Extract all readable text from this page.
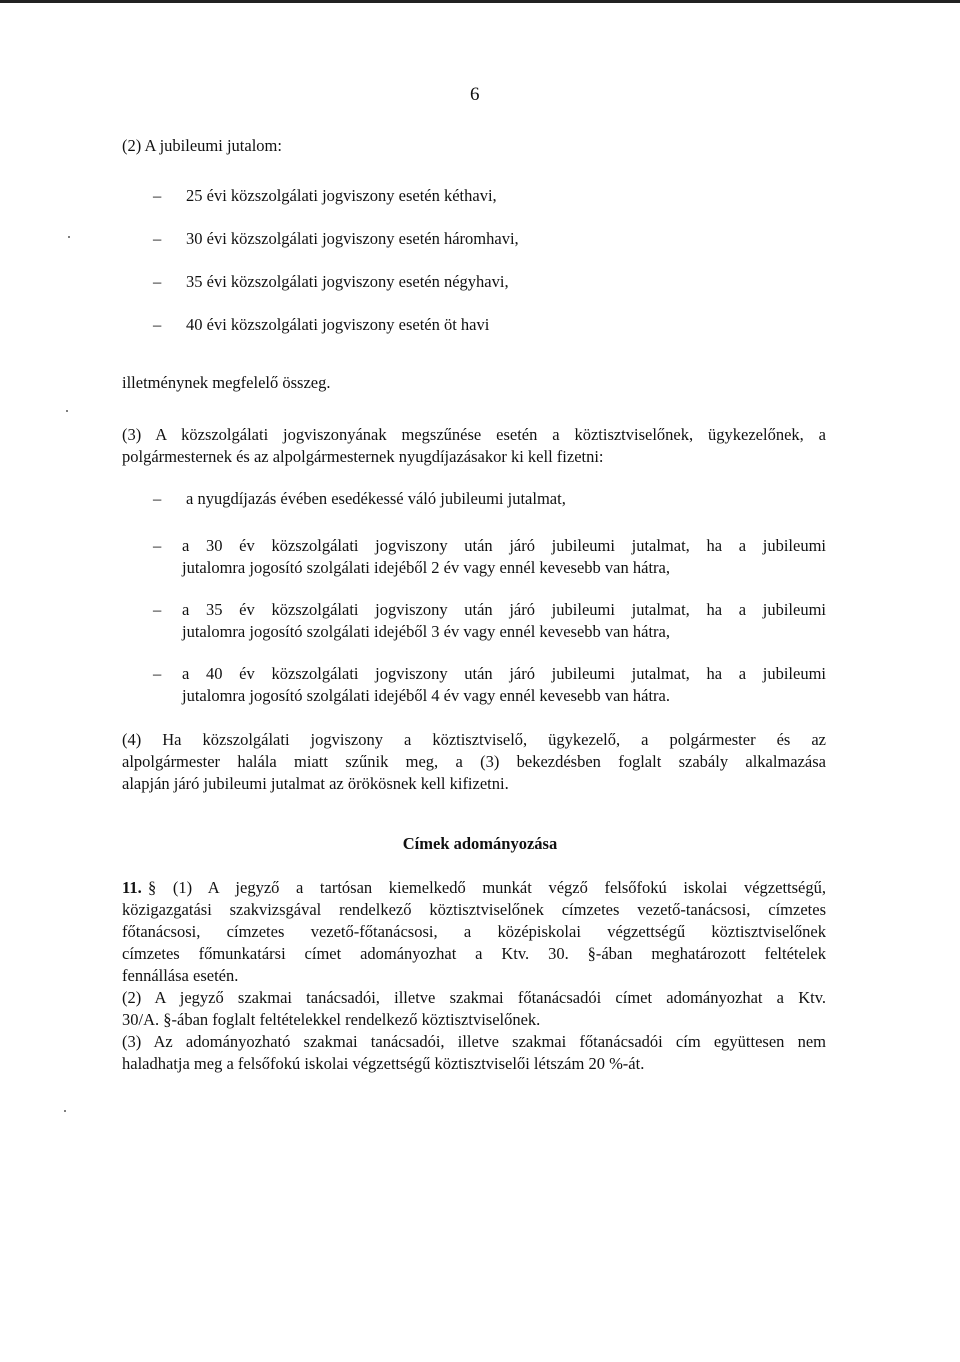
6
(2) A jubileumi jutalom:
– 25 évi közszolgálati jogviszony esetén kéthavi,
– 30 évi közszolgálati jogviszony esetén háromhavi,
– 35 évi közszolgálati jogviszony esetén négyhavi,
– 40 évi közszolgálati jogviszony esetén öt havi
illetménynek megfelelő összeg.
(3) A közszolgálati jogviszonyának megszűnése esetén a köztisztviselőnek, ügykezelőnek, a
polgármesternek és az alpolgármesternek nyugdíjazásakor ki kell fizetni:
– a nyugdíjazás évében esedékessé váló jubileumi jutalmat,
– a 30 év közszolgálati jogviszony után járó jubileumi jutalmat, ha a jubileumi
jutalomra jogosító szolgálati idejéből 2 év vagy ennél kevesebb van hátra,
– a 35 év közszolgálati jogviszony után járó jubileumi jutalmat, ha a jubileumi
jutalomra jogosító szolgálati idejéből 3 év vagy ennél kevesebb van hátra,
– a 40 év közszolgálati jogviszony után járó jubileumi jutalmat, ha a jubileumi
jutalomra jogosító szolgálati idejéből 4 év vagy ennél kevesebb van hátra.
(4) Ha közszolgálati jogviszony a köztisztviselő, ügykezelő, a polgármester és az
alpolgármester halála miatt szűnik meg, a (3) bekezdésben foglalt szabály alkalmazása
alapján járó jubileumi jutalmat az örökösnek kell kifizetni.
Címek adományozása
11. § (1) A jegyző a tartósan kiemelkedő munkát végző felsőfokú iskolai végzettségű,
közigazgatási szakvizsgával rendelkező köztisztviselőnek címzetes vezető-tanácsosi, címzetes
főtanácsosi, címzetes vezető-főtanácsosi, a középiskolai végzettségű köztisztviselőnek
címzetes főmunkatársi címet adományozhat a Ktv. 30. §-ában meghatározott feltételek
fennállása esetén.
(2) A jegyző szakmai tanácsadói, illetve szakmai főtanácsadói címet adományozhat a Ktv.
30/A. §-ában foglalt feltételekkel rendelkező köztisztviselőnek.
(3) Az adományozható szakmai tanácsadói, illetve szakmai főtanácsadói cím együttesen nem
haladhatja meg a felsőfokú iskolai végzettségű köztisztviselői létszám 20 %-át.
